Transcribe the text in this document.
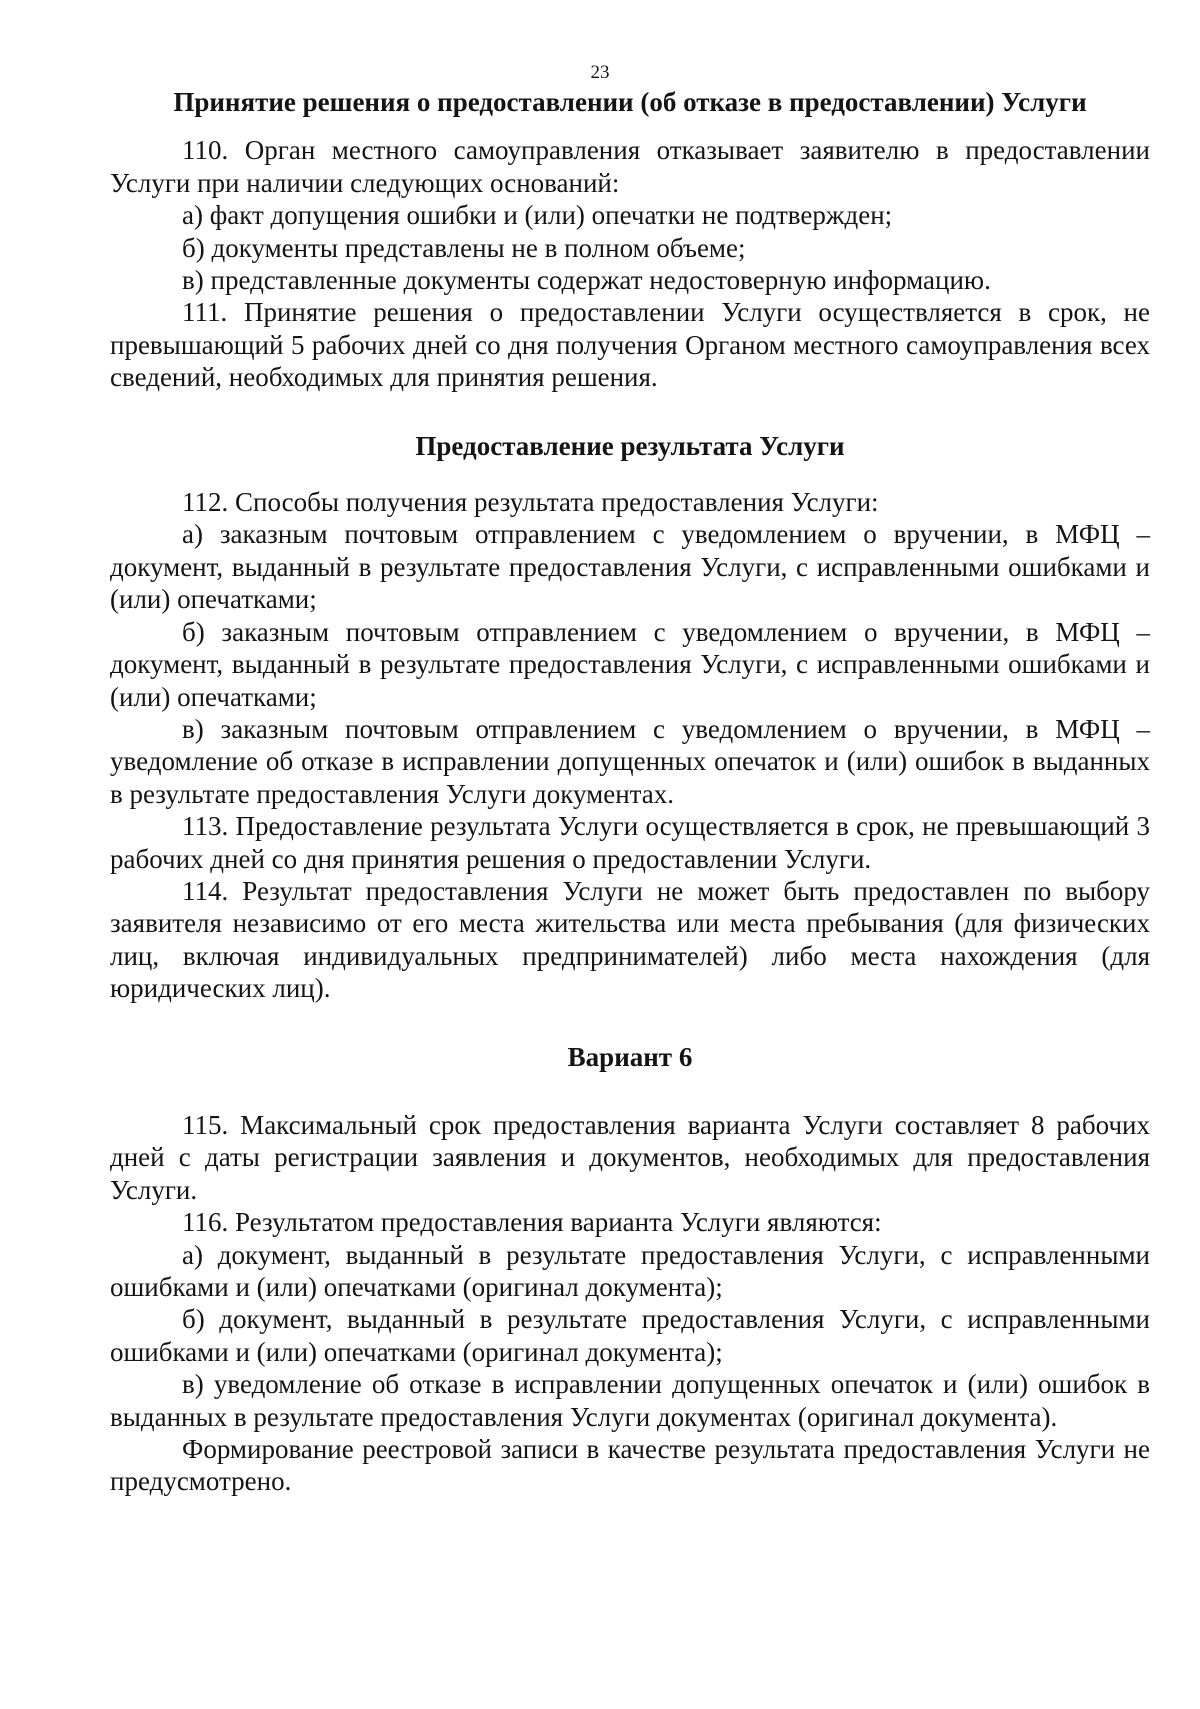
23

Принятие решения о предоставлении (об отказе в предоставлении) Услуги

110. Орган местного самоуправления отказывает заявителю в предоставлении Услуги при наличии следующих оснований:

а) факт допущения ошибки и (или) опечатки не подтвержден;

б) документы представлены не в полном объеме;

в) представленные документы содержат недостоверную информацию.

111. Принятие решения о предоставлении Услуги осуществляется в срок, не превышающий 5 рабочих дней со дня получения Органом местного самоуправления всех сведений, необходимых для принятия решения.

Предоставление результата Услуги

112. Способы получения результата предоставления Услуги:

а) заказным почтовым отправлением с уведомлением о вручении, в МФЦ – документ, выданный в результате предоставления Услуги, с исправленными ошибками и (или) опечатками;

б) заказным почтовым отправлением с уведомлением о вручении, в МФЦ – документ, выданный в результате предоставления Услуги, с исправленными ошибками и (или) опечатками;

в) заказным почтовым отправлением с уведомлением о вручении, в МФЦ – уведомление об отказе в исправлении допущенных опечаток и (или) ошибок в выданных в результате предоставления Услуги документах.

113. Предоставление результата Услуги осуществляется в срок, не превышающий 3 рабочих дней со дня принятия решения о предоставлении Услуги.

114. Результат предоставления Услуги не может быть предоставлен по выбору заявителя независимо от его места жительства или места пребывания (для физических лиц, включая индивидуальных предпринимателей) либо места нахождения (для юридических лиц).

Вариант 6

115. Максимальный срок предоставления варианта Услуги составляет 8 рабочих дней с даты регистрации заявления и документов, необходимых для предоставления Услуги.

116. Результатом предоставления варианта Услуги являются:

а) документ, выданный в результате предоставления Услуги, с исправленными ошибками и (или) опечатками (оригинал документа);

б) документ, выданный в результате предоставления Услуги, с исправленными ошибками и (или) опечатками (оригинал документа);

в) уведомление об отказе в исправлении допущенных опечаток и (или) ошибок в выданных в результате предоставления Услуги документах (оригинал документа).

Формирование реестровой записи в качестве результата предоставления Услуги не предусмотрено.
